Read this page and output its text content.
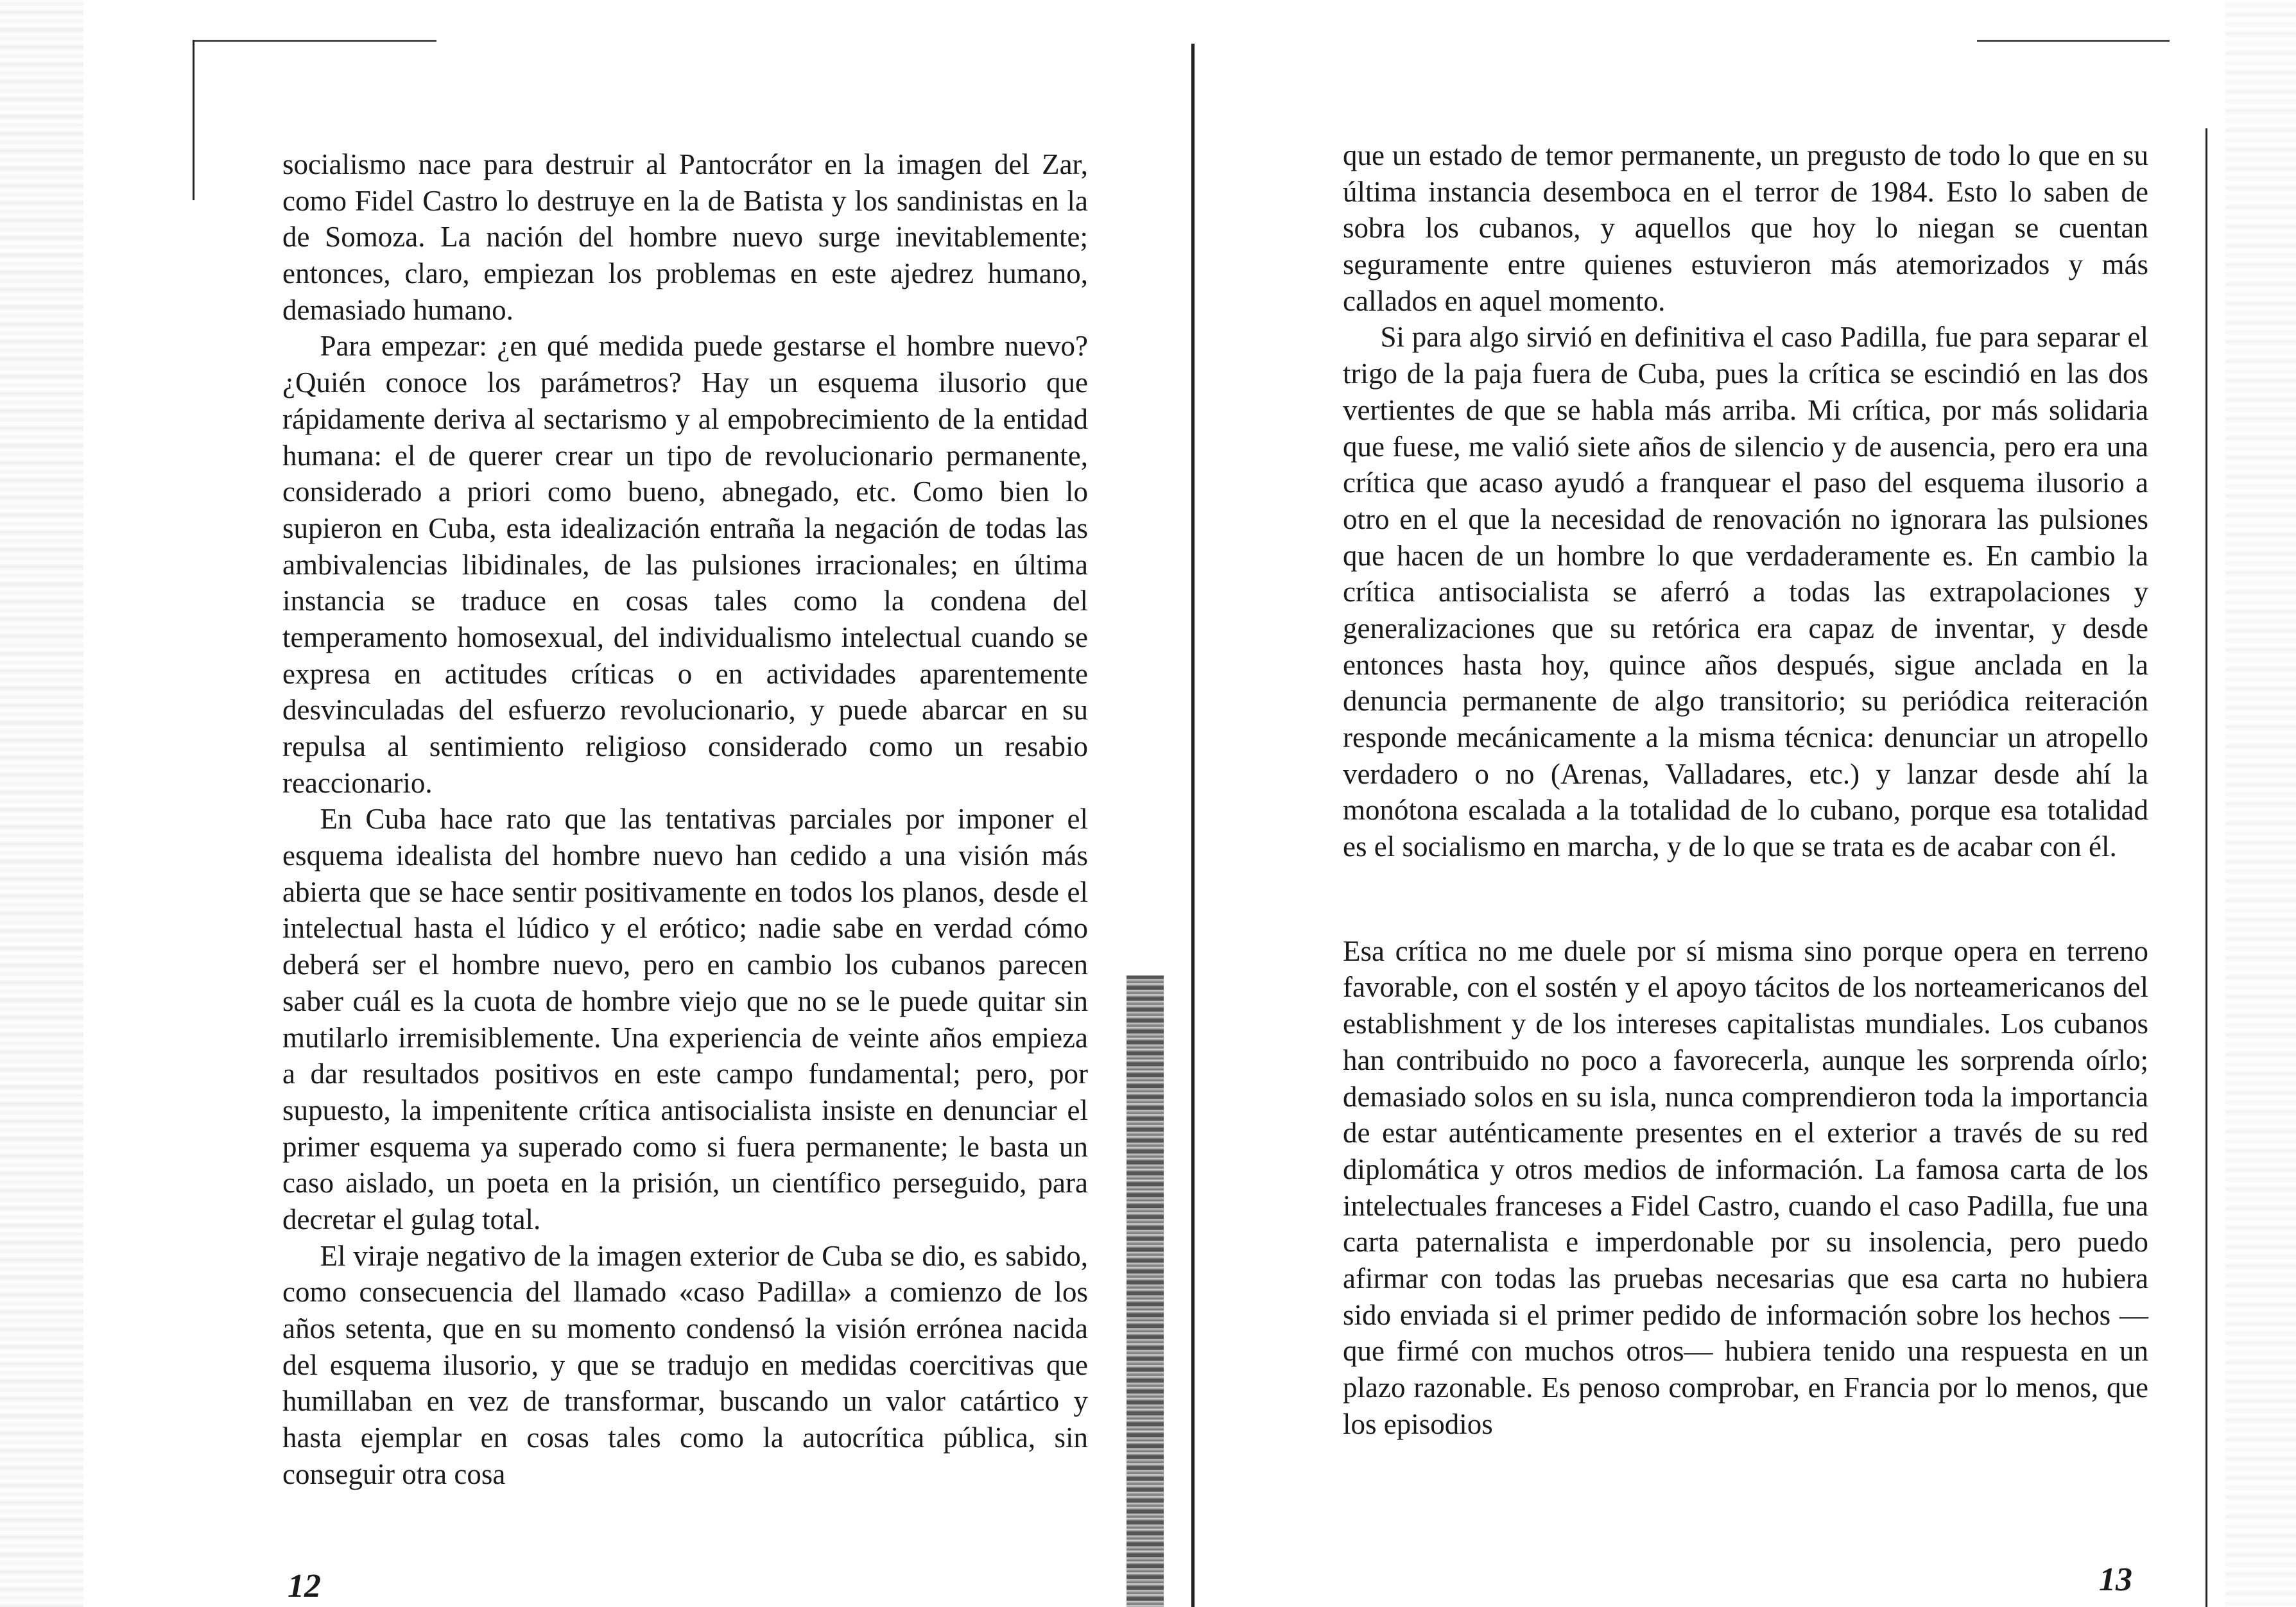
socialismo nace para destruir al Pantocrátor en la imagen del Zar, como Fidel Castro lo destruye en la de Batista y los sandinistas en la de Somoza. La nación del hombre nuevo surge inevitablemente; entonces, claro, empiezan los problemas en este ajedrez humano, demasiado humano.

Para empezar: ¿en qué medida puede gestarse el hombre nuevo? ¿Quién conoce los parámetros? Hay un esquema ilusorio que rápidamente deriva al sectarismo y al empobrecimiento de la entidad humana: el de querer crear un tipo de revolucionario permanente, considerado a priori como bueno, abnegado, etc. Como bien lo supieron en Cuba, esta idealización entraña la negación de todas las ambivalencias libidinales, de las pulsiones irracionales; en última instancia se traduce en cosas tales como la condena del temperamento homosexual, del individualismo intelectual cuando se expresa en actitudes críticas o en actividades aparentemente desvinculadas del esfuerzo revolucionario, y puede abarcar en su repulsa al sentimiento religioso considerado como un resabio reaccionario.

En Cuba hace rato que las tentativas parciales por imponer el esquema idealista del hombre nuevo han cedido a una visión más abierta que se hace sentir positivamente en todos los planos, desde el intelectual hasta el lúdico y el erótico; nadie sabe en verdad cómo deberá ser el hombre nuevo, pero en cambio los cubanos parecen saber cuál es la cuota de hombre viejo que no se le puede quitar sin mutilarlo irremisiblemente. Una experiencia de veinte años empieza a dar resultados positivos en este campo fundamental; pero, por supuesto, la impenitente crítica antisocialista insiste en denunciar el primer esquema ya superado como si fuera permanente; le basta un caso aislado, un poeta en la prisión, un científico perseguido, para decretar el gulag total.

El viraje negativo de la imagen exterior de Cuba se dio, es sabido, como consecuencia del llamado «caso Padilla» a comienzo de los años setenta, que en su momento condensó la visión errónea nacida del esquema ilusorio, y que se tradujo en medidas coercitivas que humillaban en vez de transformar, buscando un valor catártico y hasta ejemplar en cosas tales como la autocrítica pública, sin conseguir otra cosa

12

que un estado de temor permanente, un pregusto de todo lo que en su última instancia desemboca en el terror de 1984. Esto lo saben de sobra los cubanos, y aquellos que hoy lo niegan se cuentan seguramente entre quienes estuvieron más atemorizados y más callados en aquel momento.

Si para algo sirvió en definitiva el caso Padilla, fue para separar el trigo de la paja fuera de Cuba, pues la crítica se escindió en las dos vertientes de que se habla más arriba. Mi crítica, por más solidaria que fuese, me valió siete años de silencio y de ausencia, pero era una crítica que acaso ayudó a franquear el paso del esquema ilusorio a otro en el que la necesidad de renovación no ignorara las pulsiones que hacen de un hombre lo que verdaderamente es. En cambio la crítica antisocialista se aferró a todas las extrapolaciones y generalizaciones que su retórica era capaz de inventar, y desde entonces hasta hoy, quince años después, sigue anclada en la denuncia permanente de algo transitorio; su periódica reiteración responde mecánicamente a la misma técnica: denunciar un atropello verdadero o no (Arenas, Valladares, etc.) y lanzar desde ahí la monótona escalada a la totalidad de lo cubano, porque esa totalidad es el socialismo en marcha, y de lo que se trata es de acabar con él.

Esa crítica no me duele por sí misma sino porque opera en terreno favorable, con el sostén y el apoyo tácitos de los norteamericanos del establishment y de los intereses capitalistas mundiales. Los cubanos han contribuido no poco a favorecerla, aunque les sorprenda oírlo; demasiado solos en su isla, nunca comprendieron toda la importancia de estar auténticamente presentes en el exterior a través de su red diplomática y otros medios de información. La famosa carta de los intelectuales franceses a Fidel Castro, cuando el caso Padilla, fue una carta paternalista e imperdonable por su insolencia, pero puedo afirmar con todas las pruebas necesarias que esa carta no hubiera sido enviada si el primer pedido de información sobre los hechos —que firmé con muchos otros— hubiera tenido una respuesta en un plazo razonable. Es penoso comprobar, en Francia por lo menos, que los episodios

13
